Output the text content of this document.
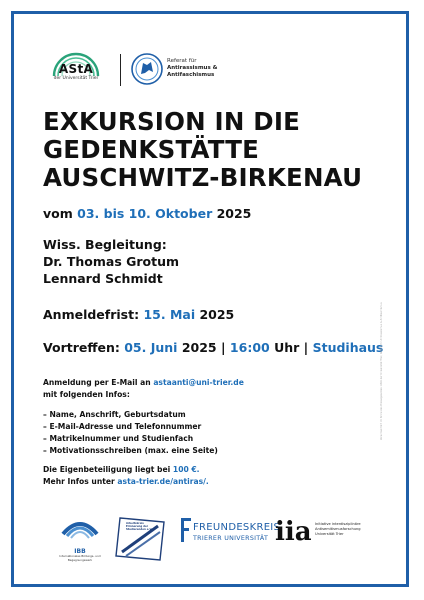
AStA
der Universität Trier
Referat für
Antirassismus &
Antifaschismus
EXKURSION IN DIE
GEDENKSTÄTTE
AUSCHWITZ-BIRKENAU
vom 03. bis 10. Oktober 2025
Wiss. Begleitung:
Dr. Thomas Grotum
Lennard Schmidt
Anmeldefrist: 15. Mai 2025
Vortreffen: 05. Juni 2025 | 16:00 Uhr | Studihaus
Anmeldung per E-Mail an astaanti@uni-trier.de
mit folgenden Infos:
– Name, Anschrift, Geburtsdatum
– E-Mail-Adresse und Telefonnummer
– Matrikelnummer und Studienfach
– Motivationsschreiben (max. eine Seite)
Die Eigenbeteiligung liegt bei 100 €.
Mehr Infos unter asta-trier.de/antiras/.
IBB
Internationales Bildungs- und Begegnungswerk
Arbeitskreis Erinnerung der Studierenden e.V.	FREUNDESKREIS
TRIERER UNIVERSITÄT iia Initiative interdisziplinäre
Antisemitismusforschung
Universität Trier
Verantwortlich im Sinne des Pressegesetzes: AStA der Universität Trier, Referat für Antirassismus & Antifaschismus
